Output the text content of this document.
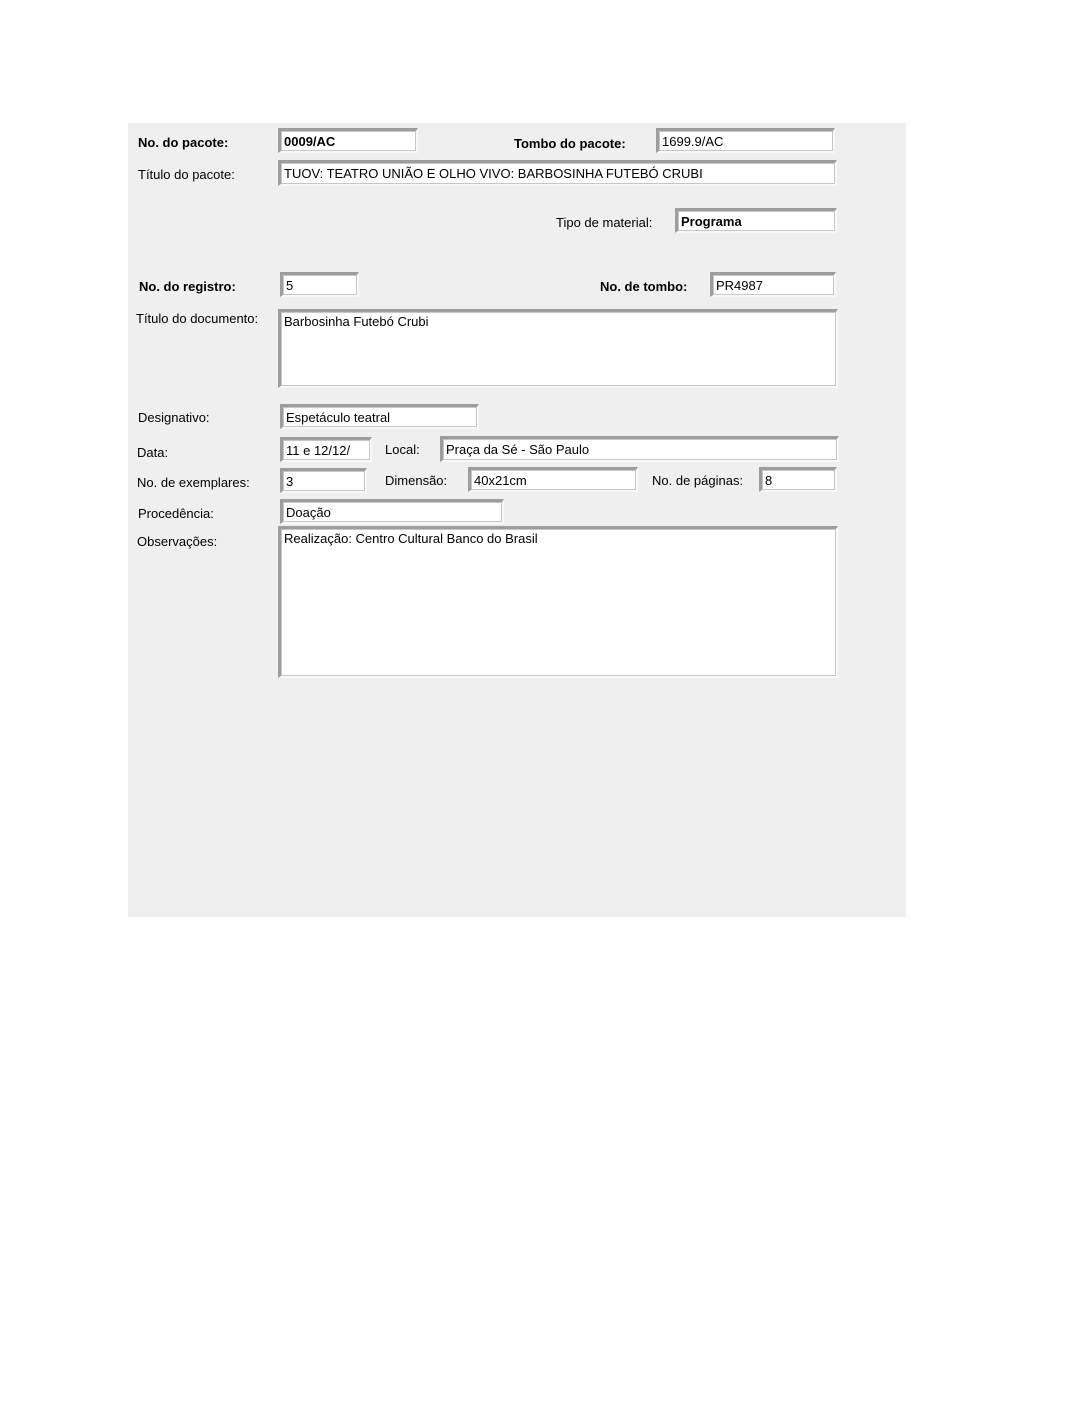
No. do pacote:
0009/AC	Tombo do pacote:
1699.9/AC
Título do pacote:
TUOV: TEATRO UNIÃO E OLHO VIVO: BARBOSINHA FUTEBÓ CRUBI
Tipo de material:
Programa
No. do registro:
5	No. de tombo:
PR4987
Título do documento:
Barbosinha Futebó Crubi
Designativo:
Espetáculo teatral
Data:
11 e 12/12/	Local:
Praça da Sé - São Paulo
No. de exemplares:
3	Dimensão:
40x21cm	No. de páginas:
8
Procedência:
Doação
Observações:
Realização: Centro Cultural Banco do Brasil
